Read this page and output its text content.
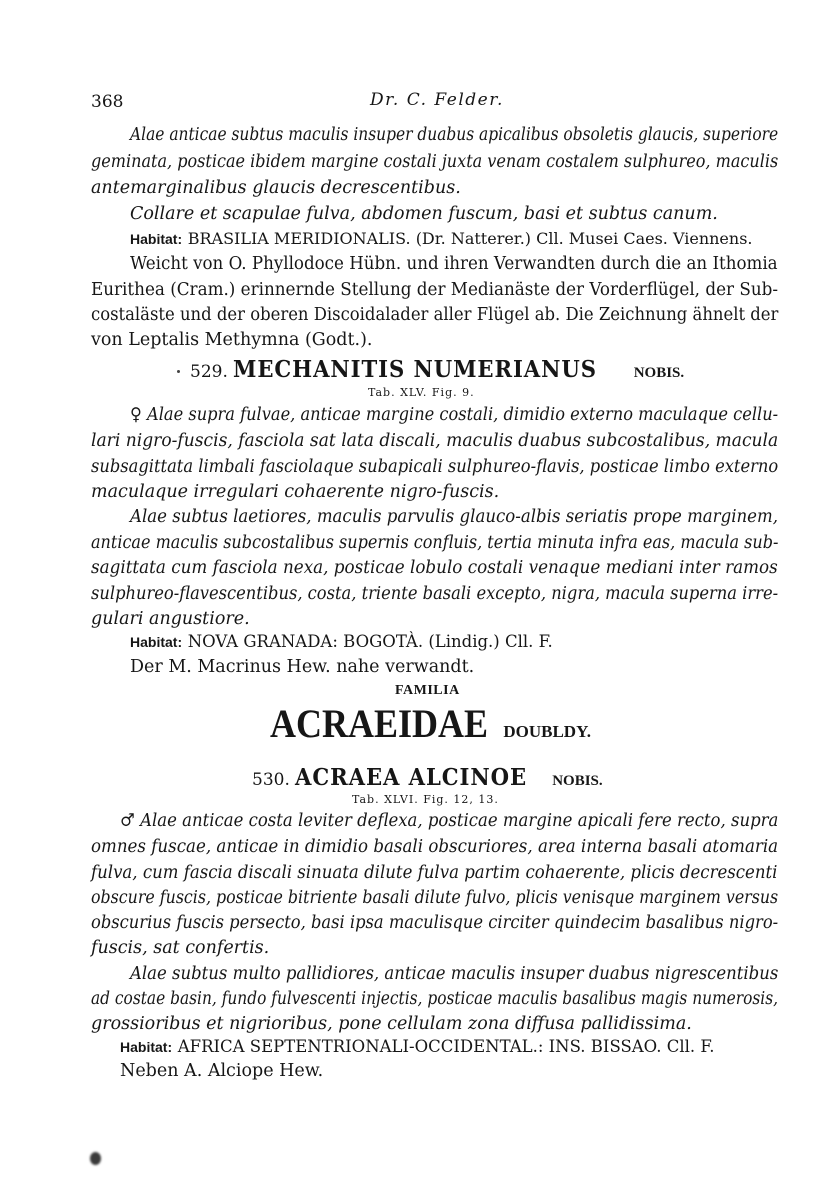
368	Dr. C. Felder.
Alae anticae subtus maculis insuper duabus apicalibus obsoletis glaucis, superiore
geminata, posticae ibidem margine costali juxta venam costalem sulphureo, maculis
antemarginalibus glaucis decrescentibus.
Collare et scapulae fulva, abdomen fuscum, basi et subtus canum.
Habitat: BRASILIA MERIDIONALIS. (Dr. Natterer.) Cll. Musei Caes. Viennens.
Weicht von O. Phyllodoce Hübn. und ihren Verwandten durch die an Ithomia
Eurithea (Cram.) erinnernde Stellung der Medianäste der Vorderflügel, der Sub-
costaläste und der oberen Discoidalader aller Flügel ab. Die Zeichnung ähnelt der
von Leptalis Methymna (Godt.).
529. MECHANITIS NUMERIANUS NOBIS.
Tab. XLV. Fig. 9.
♀ Alae supra fulvae, anticae margine costali, dimidio externo maculaque cellu-
lari nigro-fuscis, fasciola sat lata discali, maculis duabus subcostalibus, macula
subsagittata limbali fasciolaque subapicali sulphureo-flavis, posticae limbo externo
maculaque irregulari cohaerente nigro-fuscis.
Alae subtus laetiores, maculis parvulis glauco-albis seriatis prope marginem,
anticae maculis subcostalibus supernis confluis, tertia minuta infra eas, macula sub-
sagittata cum fasciola nexa, posticae lobulo costali venaque mediani inter ramos
sulphureo-flavescentibus, costa, triente basali excepto, nigra, macula superna irre-
gulari angustiore.
Habitat: NOVA GRANADA: BOGOTÀ. (Lindig.) Cll. F.
Der M. Macrinus Hew. nahe verwandt.
FAMILIA
ACRAEIDAE DOUBLDY.
530. ACRAEA ALCINOE NOBIS.
Tab. XLVI. Fig. 12, 13.
♂ Alae anticae costa leviter deflexa, posticae margine apicali fere recto, supra
omnes fuscae, anticae in dimidio basali obscuriores, area interna basali atomaria
fulva, cum fascia discali sinuata dilute fulva partim cohaerente, plicis decrescenti
obscure fuscis, posticae bitriente basali dilute fulvo, plicis venisque marginem versus
obscurius fuscis persecto, basi ipsa maculisque circiter quindecim basalibus nigro-
fuscis, sat confertis.
Alae subtus multo pallidiores, anticae maculis insuper duabus nigrescentibus
ad costae basin, fundo fulvescenti injectis, posticae maculis basalibus magis numerosis,
grossioribus et nigrioribus, pone cellulam zona diffusa pallidissima.
Habitat: AFRICA SEPTENTRIONALI-OCCIDENTAL.: INS. BISSAO. Cll. F.
Neben A. Alciope Hew.
